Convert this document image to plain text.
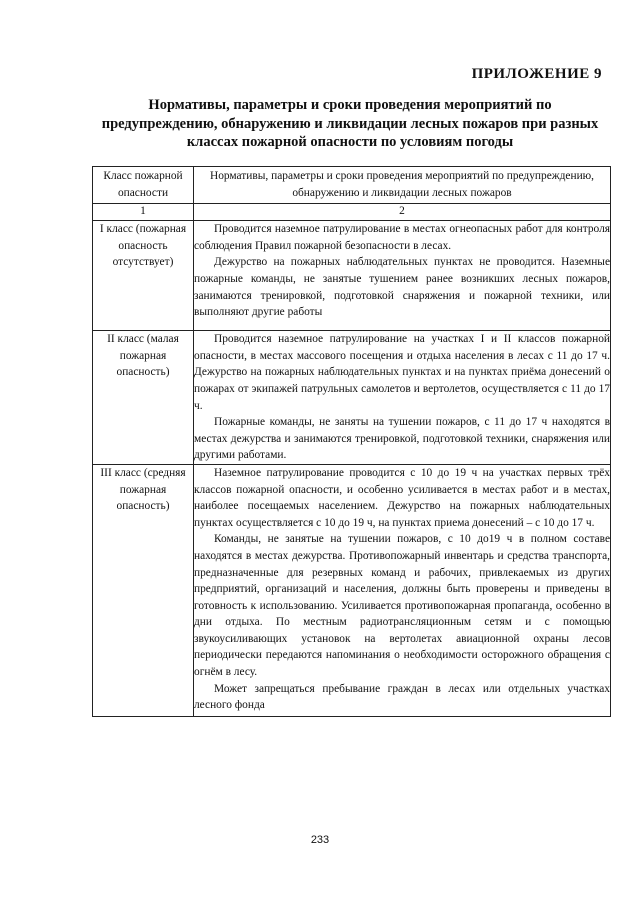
ПРИЛОЖЕНИЕ 9
Нормативы, параметры и сроки проведения мероприятий по предупреждению, обнаружению и ликвидации лесных пожаров при разных классах пожарной опасности по условиям погоды
Класс пожарной опасности	Нормативы, параметры и сроки проведения мероприятий по предупреждению, обнаружению и ликвидации лесных пожаров
1	2

I класс (пожарная опасность отсутствует)	Проводится наземное патрулирование в местах огнеопасных работ для контроля соблюдения Правил пожарной безопасности в лесах.

Дежурство на пожарных наблюдательных пунктах не проводится. Наземные пожарные команды, не занятые тушением ранее возникших лесных пожаров, занимаются тренировкой, подготовкой снаряжения и пожарной техники, или выполняют другие работы

II класс (малая пожарная опасность)	Проводится наземное патрулирование на участках I и II классов пожарной опасности, в местах массового посещения и отдыха населения в лесах с 11 до 17 ч. Дежурство на пожарных наблюдательных пунктах и на пунктах приёма донесений о пожарах от экипажей патрульных самолетов и вертолетов, осуществляется с 11 до 17 ч.

Пожарные команды, не заняты на тушении пожаров, с 11 до 17 ч находятся в местах дежурства и занимаются тренировкой, подготовкой техники, снаряжения или другими работами.

III класс (средняя пожарная опасность)	Наземное патрулирование проводится с 10 до 19 ч на участках первых трёх классов пожарной опасности, и особенно усиливается в местах работ и в местах, наиболее посещаемых населением. Дежурство на пожарных наблюдательных пунктах осуществляется с 10 до 19 ч, на пунктах приема донесений – с 10 до 17 ч.

Команды, не занятые на тушении пожаров, с 10 до19 ч в полном составе находятся в местах дежурства. Противопожарный инвентарь и средства транспорта, предназначенные для резервных команд и рабочих, привлекаемых из других предприятий, организаций и населения, должны быть проверены и приведены в готовность к использованию. Усиливается противопожарная пропаганда, особенно в дни отдыха. По местным радиотрансляционным сетям и с помощью звукоусиливающих установок на вертолетах авиационной охраны лесов периодически передаются напоминания о необходимости осторожного обращения с огнём в лесу.

Может запрещаться пребывание граждан в лесах или отдельных участках лесного фонда

233
